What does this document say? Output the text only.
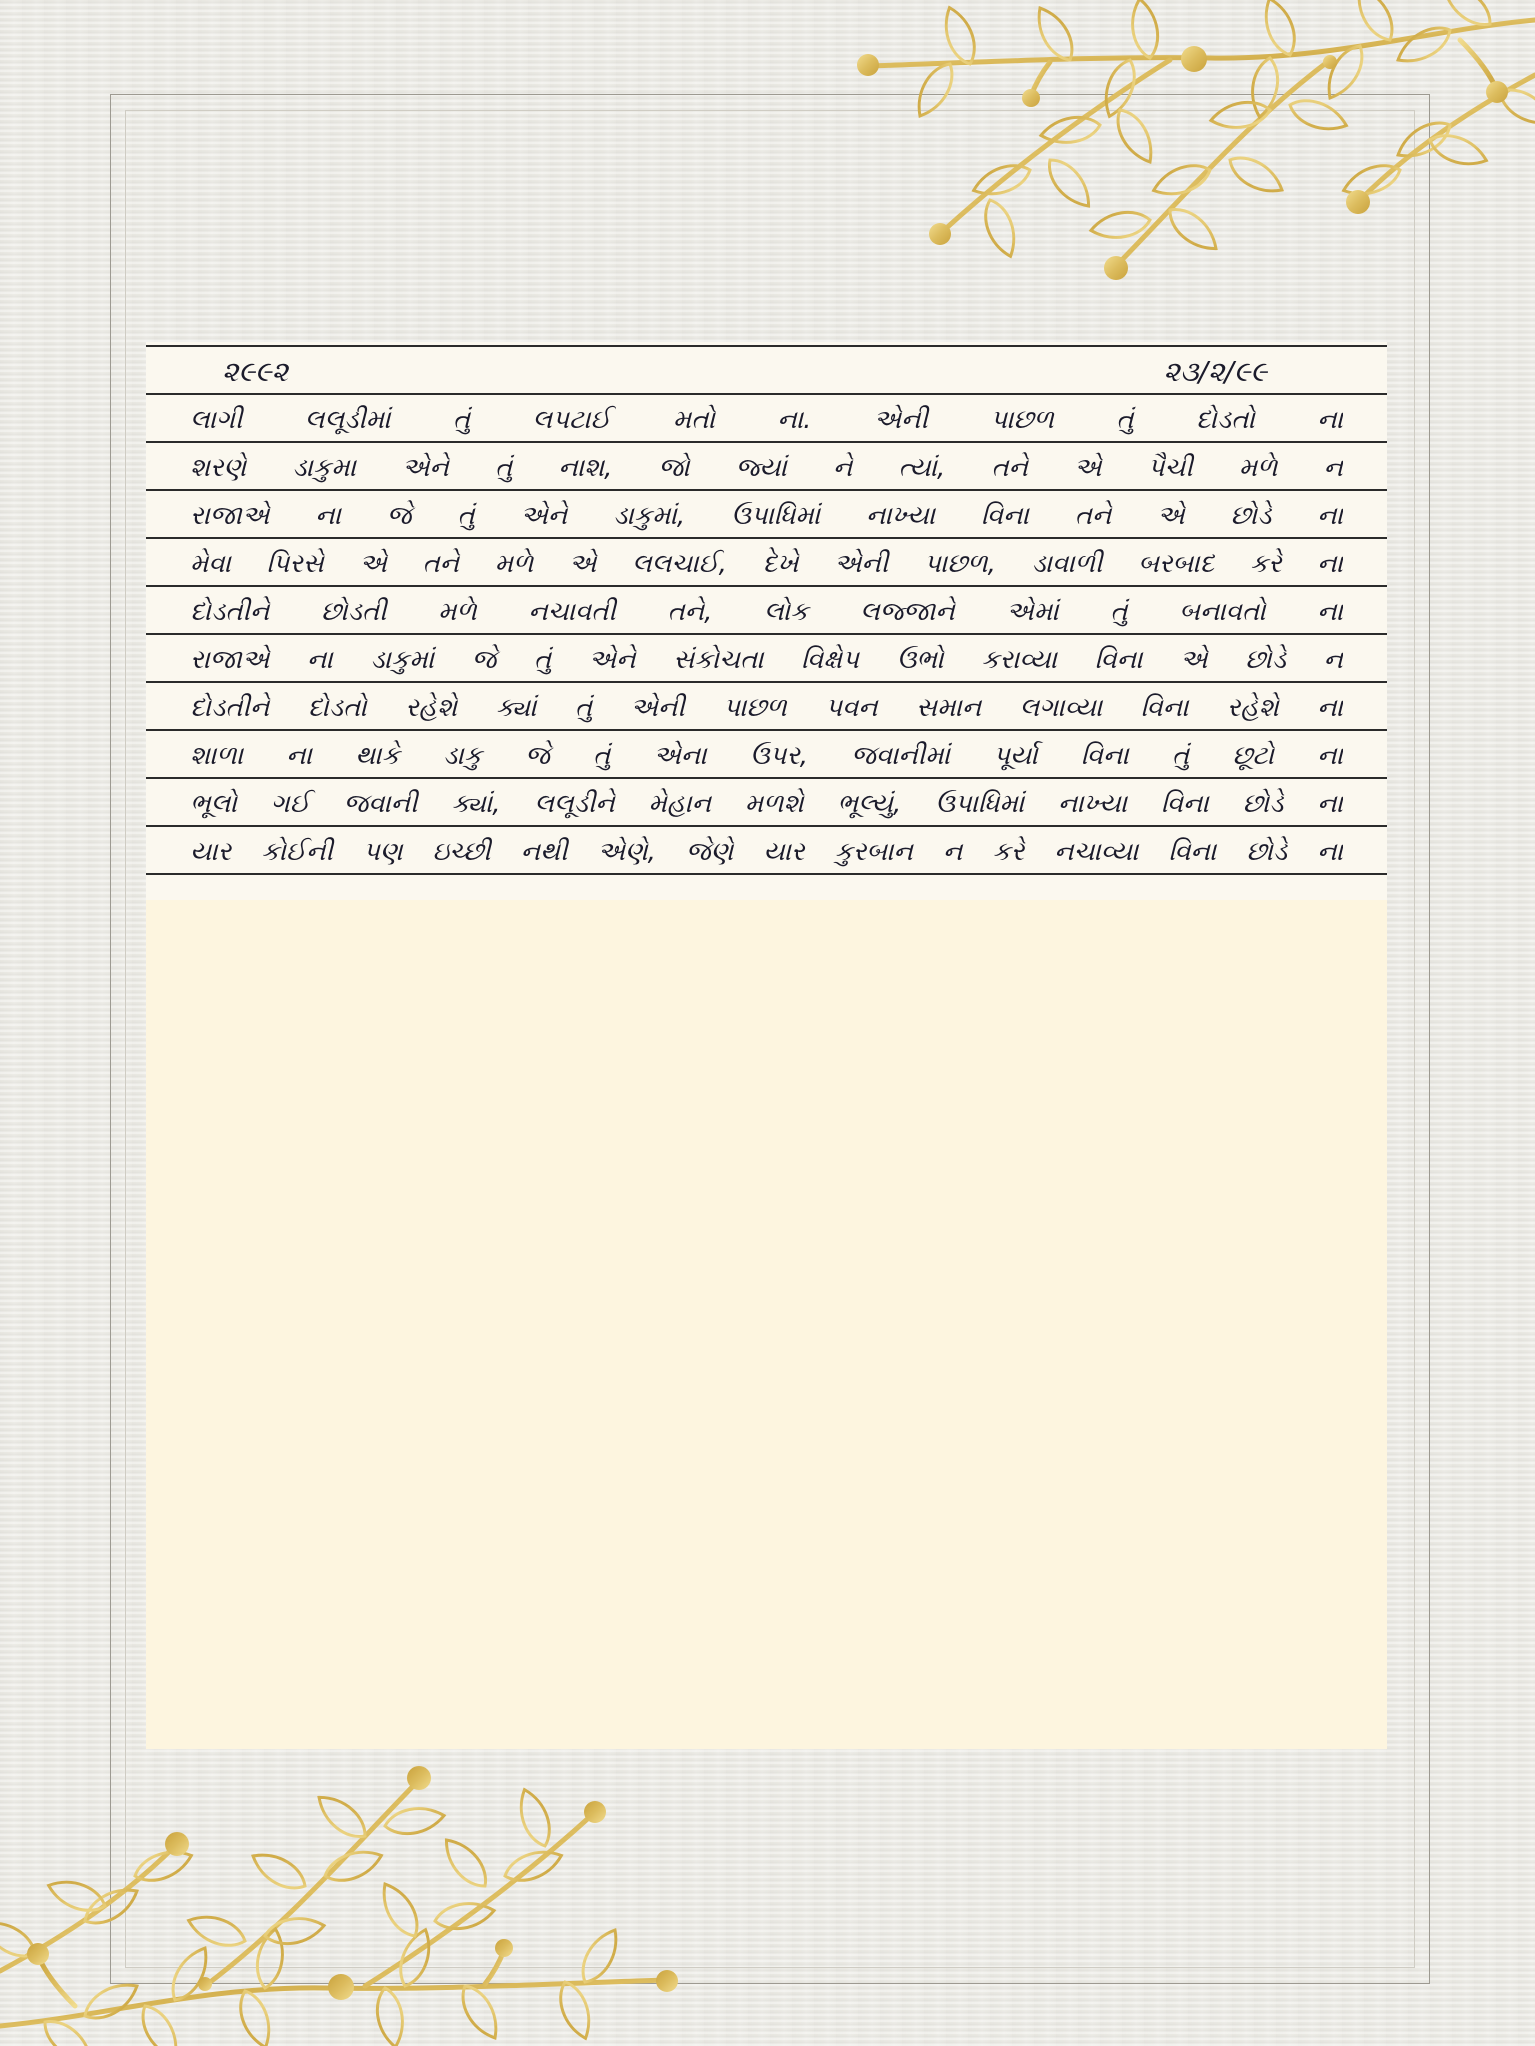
૨૯૯૨	૨૩/૨/૯૯
લાગી લલૂડીમાં તું લપટાઈ મતો ના. એની પાછળ તું દોડતો ના
શરણે ડાકુમા એને તું નાશ, જો જ્યાં ને ત્યાં, તને એ પૈચી મળે ન
રાજાએ ના જે તું એને ડાકુમાં, ઉપાધિમાં નાખ્યા વિના તને એ છોડે ના
મેવા પિરસે એ તને મળે એ લલચાઈ, દેખે એની પાછળ, ડાવાળી બરબાદ કરે ના
દોડતીને છોડતી મળે નચાવતી તને, લોક લજ્જાને એમાં તું બનાવતો ના
રાજાએ ના ડાકુમાં જે તું એને સંકોચતા વિક્ષેપ ઉભો કરાવ્યા વિના એ છોડે ન
દોડતીને દોડતો રહેશે ક્યાં તું એની પાછળ પવન સમાન લગાવ્યા વિના રહેશે ના
શાળા ના થાકે ડાકુ જે તું એના ઉપર, જવાનીમાં પૂર્યા વિના તું છૂટો ના
ભૂલો ગઈ જવાની ક્યાં, લલૂડીને મેહાન મળશે ભૂલ્યું, ઉપાધિમાં નાખ્યા વિના છોડે ના
યાર કોઈની પણ ઇચ્છી નથી એણે, જેણે યાર કુરબાન ન કરે નચાવ્યા વિના છોડે ના
